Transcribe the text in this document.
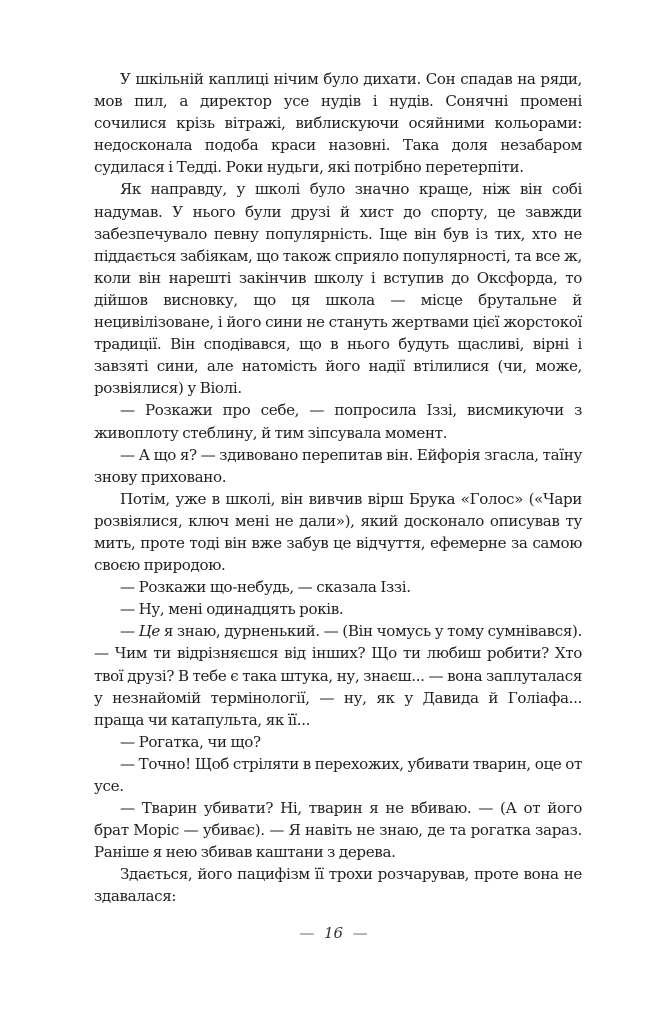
У шкільній каплиці нічим було дихати. Сон спадав на ряди, мов пил, а директор усе нудів і нудів. Сонячні промені сочилися крізь вітражі, виблискуючи осяйними кольорами: недосконала подоба краси назовні. Така доля незабаром судилася і Тедді. Роки нудьги, які потрібно перетерпіти.

Як направду, у школі було значно краще, ніж він собі надумав. У нього були друзі й хист до спорту, це завжди забезпечувало певну популярність. Іще він був із тих, хто не піддається забіякам, що також сприяло популярності, та все ж, коли він нарешті закінчив школу і вступив до Оксфорда, то дійшов висновку, що ця школа — місце брутальне й нецивілізоване, і його сини не стануть жертвами цієї жорстокої традиції. Він сподівався, що в нього будуть щасливі, вірні і завзяті сини, але натомість його надії втілилися (чи, може, розвіялися) у Віолі.

— Розкажи про себе, — попросила Іззі, висмикуючи з живоплоту стеблину, й тим зіпсувала момент.

— А що я? — здивовано перепитав він. Ейфорія згасла, таїну знову приховано.

Потім, уже в школі, він вивчив вірш Брука «Голос» («Чари розвіялися, ключ мені не дали»), який досконало описував ту мить, проте тоді він вже забув це відчуття, ефемерне за самою своєю природою.

— Розкажи що-небудь, — сказала Іззі.

— Ну, мені одинадцять років.

— Це я знаю, дурненький. — (Він чомусь у тому сумнівався). — Чим ти відрізняєшся від інших? Що ти любиш робити? Хто твої друзі? В тебе є така штука, ну, знаєш... — вона заплуталася у незнайомій термінології, — ну, як у Давида й Голіафа... праща чи катапульта, як її...

— Рогатка, чи що?

— Точно! Щоб стріляти в перехожих, убивати тварин, оце от усе.

— Тварин убивати? Ні, тварин я не вбиваю. — (А от його брат Моріс — убиває). — Я навіть не знаю, де та рогатка зараз. Раніше я нею збивав каштани з дерева.

Здається, його пацифізм її трохи розчарував, проте вона не здавалася:

— 16 —
